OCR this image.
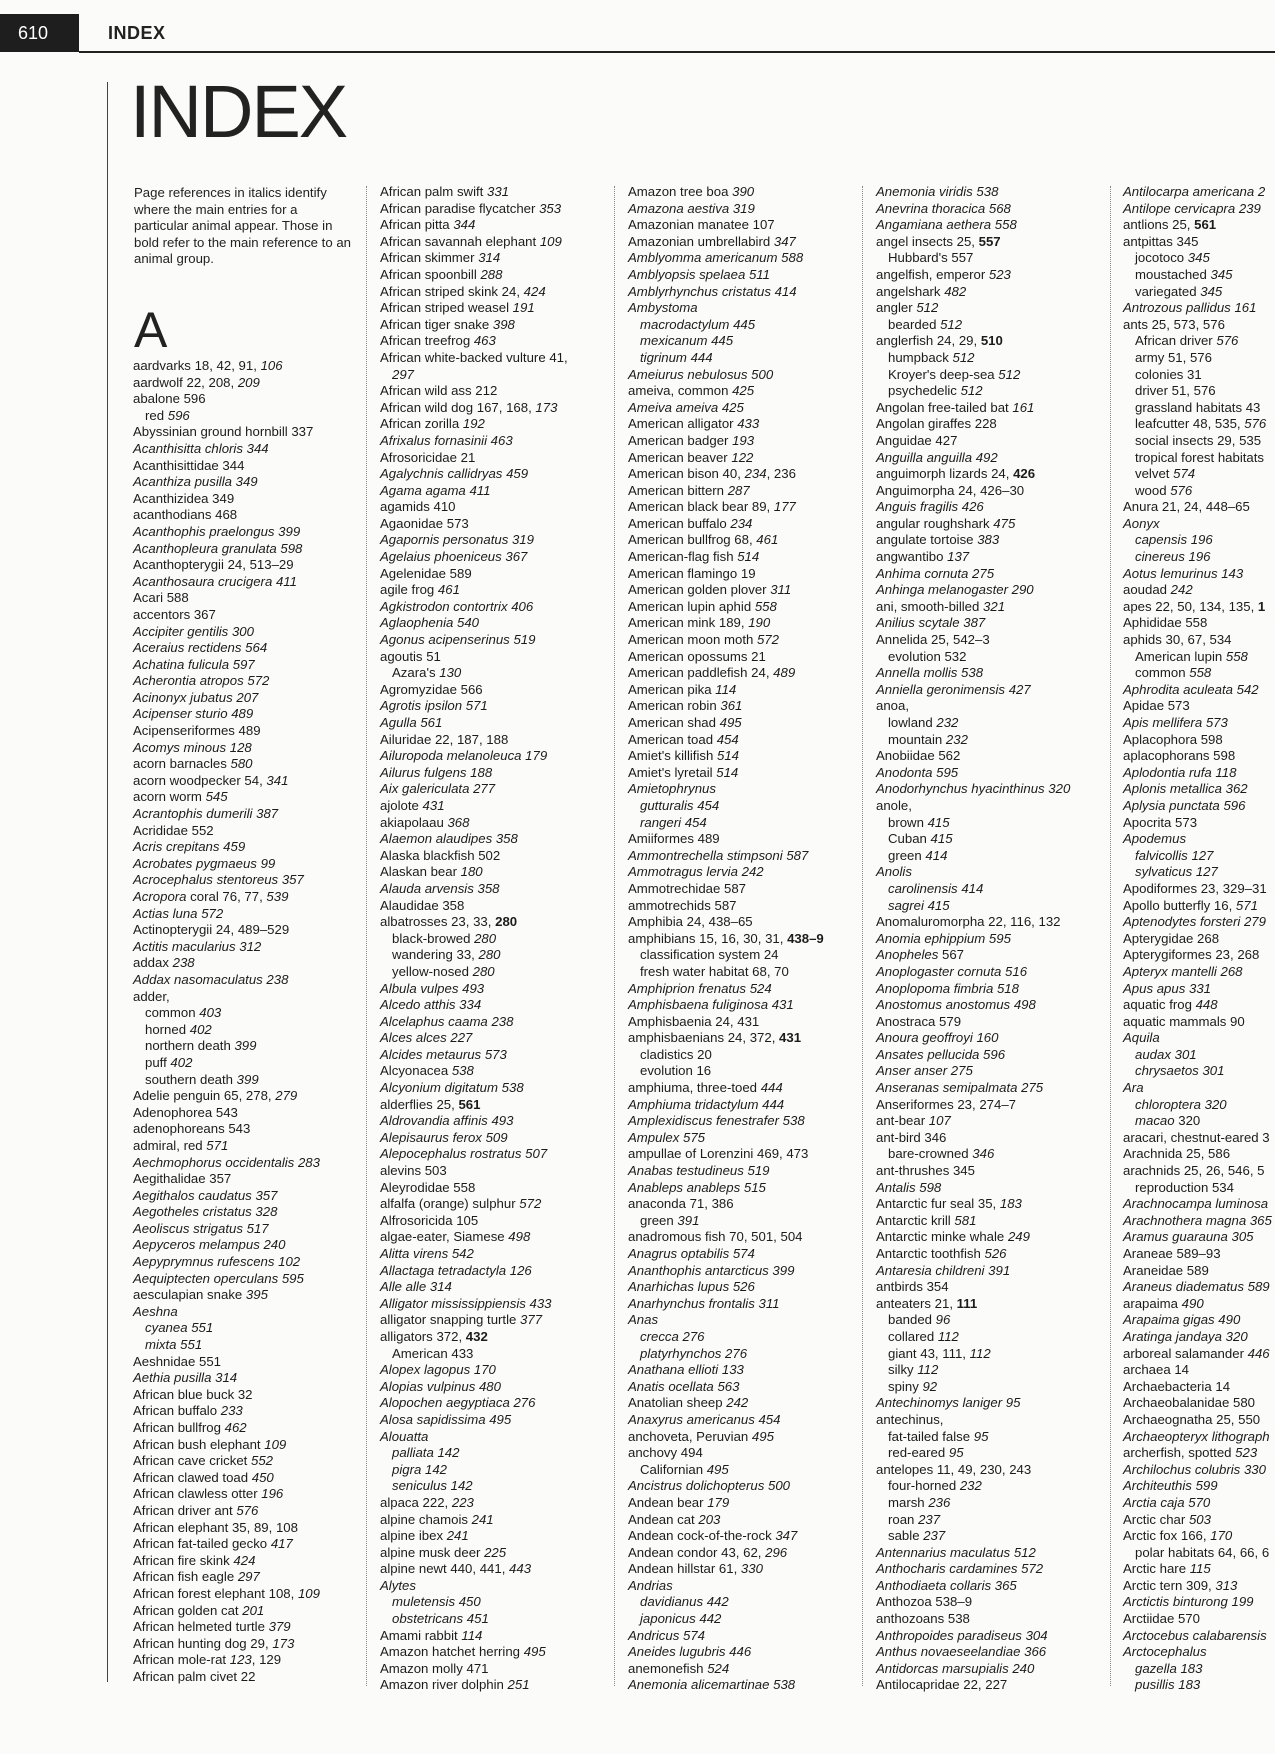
610	INDEX
INDEX
Page references in italics identify where the main entries for a particular animal appear. Those in bold refer to the main reference to an animal group.
A
aardvarks 18, 42, 91, 106
aardwolf 22, 208, 209
abalone 596
red 596
Abyssinian ground hornbill 337
Acanthisitta chloris 344
Acanthisittidae 344
Acanthiza pusilla 349
Acanthizidea 349
acanthodians 468
Acanthophis praelongus 399
Acanthopleura granulata 598
Acanthopterygii 24, 513–29
Acanthosaura crucigera 411
Acari 588
accentors 367
Accipiter gentilis 300
Aceraius rectidens 564
Achatina fulicula 597
Acherontia atropos 572
Acinonyx jubatus 207
Acipenser sturio 489
Acipenseriformes 489
Acomys minous 128
acorn barnacles 580
acorn woodpecker 54, 341
acorn worm 545
Acrantophis dumerili 387
Acrididae 552
Acris crepitans 459
Acrobates pygmaeus 99
Acrocephalus stentoreus 357
Acropora coral 76, 77, 539
Actias luna 572
Actinopterygii 24, 489–529
Actitis macularius 312
addax 238
Addax nasomaculatus 238
adder,
common 403
horned 402
northern death 399
puff 402
southern death 399
Adelie penguin 65, 278, 279
Adenophorea 543
adenophoreans 543
admiral, red 571
Aechmophorus occidentalis 283
Aegithalidae 357
Aegithalos caudatus 357
Aegotheles cristatus 328
Aeoliscus strigatus 517
Aepyceros melampus 240
Aepyprymnus rufescens 102
Aequiptecten operculans 595
aesculapian snake 395
Aeshna
cyanea 551
mixta 551
Aeshnidae 551
Aethia pusilla 314
African blue buck 32
African buffalo 233
African bullfrog 462
African bush elephant 109
African cave cricket 552
African clawed toad 450
African clawless otter 196
African driver ant 576
African elephant 35, 89, 108
African fat-tailed gecko 417
African fire skink 424
African fish eagle 297
African forest elephant 108, 109
African golden cat 201
African helmeted turtle 379
African hunting dog 29, 173
African mole-rat 123, 129
African palm civet 22
African palm swift 331
African paradise flycatcher 353
African pitta 344
African savannah elephant 109
African skimmer 314
African spoonbill 288
African striped skink 24, 424
African striped weasel 191
African tiger snake 398
African treefrog 463
African white-backed vulture 41,
297
African wild ass 212
African wild dog 167, 168, 173
African zorilla 192
Afrixalus fornasinii 463
Afrosoricidae 21
Agalychnis callidryas 459
Agama agama 411
agamids 410
Agaonidae 573
Agapornis personatus 319
Agelaius phoeniceus 367
Agelenidae 589
agile frog 461
Agkistrodon contortrix 406
Aglaophenia 540
Agonus acipenserinus 519
agoutis 51
Azara's 130
Agromyzidae 566
Agrotis ipsilon 571
Agulla 561
Ailuridae 22, 187, 188
Ailuropoda melanoleuca 179
Ailurus fulgens 188
Aix galericulata 277
ajolote 431
akiapolaau 368
Alaemon alaudipes 358
Alaska blackfish 502
Alaskan bear 180
Alauda arvensis 358
Alaudidae 358
albatrosses 23, 33, 280
black-browed 280
wandering 33, 280
yellow-nosed 280
Albula vulpes 493
Alcedo atthis 334
Alcelaphus caama 238
Alces alces 227
Alcides metaurus 573
Alcyonacea 538
Alcyonium digitatum 538
alderflies 25, 561
Aldrovandia affinis 493
Alepisaurus ferox 509
Alepocephalus rostratus 507
alevins 503
Aleyrodidae 558
alfalfa (orange) sulphur 572
Alfrosoricida 105
algae-eater, Siamese 498
Alitta virens 542
Allactaga tetradactyla 126
Alle alle 314
Alligator mississippiensis 433
alligator snapping turtle 377
alligators 372, 432
American 433
Alopex lagopus 170
Alopias vulpinus 480
Alopochen aegyptiaca 276
Alosa sapidissima 495
Alouatta
palliata 142
pigra 142
seniculus 142
alpaca 222, 223
alpine chamois 241
alpine ibex 241
alpine musk deer 225
alpine newt 440, 441, 443
Alytes
muletensis 450
obstetricans 451
Amami rabbit 114
Amazon hatchet herring 495
Amazon molly 471
Amazon river dolphin 251
Amazon tree boa 390
Amazona aestiva 319
Amazonian manatee 107
Amazonian umbrellabird 347
Amblyomma americanum 588
Amblyopsis spelaea 511
Amblyrhynchus cristatus 414
Ambystoma
macrodactylum 445
mexicanum 445
tigrinum 444
Ameiurus nebulosus 500
ameiva, common 425
Ameiva ameiva 425
American alligator 433
American badger 193
American beaver 122
American bison 40, 234, 236
American bittern 287
American black bear 89, 177
American buffalo 234
American bullfrog 68, 461
American-flag fish 514
American flamingo 19
American golden plover 311
American lupin aphid 558
American mink 189, 190
American moon moth 572
American opossums 21
American paddlefish 24, 489
American pika 114
American robin 361
American shad 495
American toad 454
Amiet's killifish 514
Amiet's lyretail 514
Amietophrynus
gutturalis 454
rangeri 454
Amiiformes 489
Ammontrechella stimpsoni 587
Ammotragus lervia 242
Ammotrechidae 587
ammotrechids 587
Amphibia 24, 438–65
amphibians 15, 16, 30, 31, 438–9
classification system 24
fresh water habitat 68, 70
Amphiprion frenatus 524
Amphisbaena fuliginosa 431
Amphisbaenia 24, 431
amphisbaenians 24, 372, 431
cladistics 20
evolution 16
amphiuma, three-toed 444
Amphiuma tridactylum 444
Amplexidiscus fenestrafer 538
Ampulex 575
ampullae of Lorenzini 469, 473
Anabas testudineus 519
Anableps anableps 515
anaconda 71, 386
green 391
anadromous fish 70, 501, 504
Anagrus optabilis 574
Ananthophis antarcticus 399
Anarhichas lupus 526
Anarhynchus frontalis 311
Anas
crecca 276
platyrhynchos 276
Anathana ellioti 133
Anatis ocellata 563
Anatolian sheep 242
Anaxyrus americanus 454
anchoveta, Peruvian 495
anchovy 494
Californian 495
Ancistrus dolichopterus 500
Andean bear 179
Andean cat 203
Andean cock-of-the-rock 347
Andean condor 43, 62, 296
Andean hillstar 61, 330
Andrias
davidianus 442
japonicus 442
Andricus 574
Aneides lugubris 446
anemonefish 524
Anemonia alicemartinae 538
Anemonia viridis 538
Anevrina thoracica 568
Angamiana aethera 558
angel insects 25, 557
Hubbard's 557
angelfish, emperor 523
angelshark 482
angler 512
bearded 512
anglerfish 24, 29, 510
humpback 512
Kroyer's deep-sea 512
psychedelic 512
Angolan free-tailed bat 161
Angolan giraffes 228
Anguidae 427
Anguilla anguilla 492
anguimorph lizards 24, 426
Anguimorpha 24, 426–30
Anguis fragilis 426
angular roughshark 475
angulate tortoise 383
angwantibo 137
Anhima cornuta 275
Anhinga melanogaster 290
ani, smooth-billed 321
Anilius scytale 387
Annelida 25, 542–3
evolution 532
Annella mollis 538
Anniella geronimensis 427
anoa,
lowland 232
mountain 232
Anobiidae 562
Anodonta 595
Anodorhynchus hyacinthinus 320
anole,
brown 415
Cuban 415
green 414
Anolis
carolinensis 414
sagrei 415
Anomaluromorpha 22, 116, 132
Anomia ephippium 595
Anopheles 567
Anoplogaster cornuta 516
Anoplopoma fimbria 518
Anostomus anostomus 498
Anostraca 579
Anoura geoffroyi 160
Ansates pellucida 596
Anser anser 275
Anseranas semipalmata 275
Anseriformes 23, 274–7
ant-bear 107
ant-bird 346
bare-crowned 346
ant-thrushes 345
Antalis 598
Antarctic fur seal 35, 183
Antarctic krill 581
Antarctic minke whale 249
Antarctic toothfish 526
Antaresia childreni 391
antbirds 354
anteaters 21, 111
banded 96
collared 112
giant 43, 111, 112
silky 112
spiny 92
Antechinomys laniger 95
antechinus,
fat-tailed false 95
red-eared 95
antelopes 11, 49, 230, 243
four-horned 232
marsh 236
roan 237
sable 237
Antennarius maculatus 512
Anthocharis cardamines 572
Anthodiaeta collaris 365
Anthozoa 538–9
anthozoans 538
Anthropoides paradiseus 304
Anthus novaeseelandiae 366
Antidorcas marsupialis 240
Antilocapridae 22, 227
Antilocarpa americana 2
Antilope cervicapra 239
antlions 25, 561
antpittas 345
jocotoco 345
moustached 345
variegated 345
Antrozous pallidus 161
ants 25, 573, 576
African driver 576
army 51, 576
colonies 31
driver 51, 576
grassland habitats 43
leafcutter 48, 535, 576
social insects 29, 535
tropical forest habitats
velvet 574
wood 576
Anura 21, 24, 448–65
Aonyx
capensis 196
cinereus 196
Aotus lemurinus 143
aoudad 242
apes 22, 50, 134, 135, 1
Aphididae 558
aphids 30, 67, 534
American lupin 558
common 558
Aphrodita aculeata 542
Apidae 573
Apis mellifera 573
Aplacophora 598
aplacophorans 598
Aplodontia rufa 118
Aplonis metallica 362
Aplysia punctata 596
Apocrita 573
Apodemus
falvicollis 127
sylvaticus 127
Apodiformes 23, 329–31
Apollo butterfly 16, 571
Aptenodytes forsteri 279
Apterygidae 268
Apterygiformes 23, 268
Apteryx mantelli 268
Apus apus 331
aquatic frog 448
aquatic mammals 90
Aquila
audax 301
chrysaetos 301
Ara
chloroptera 320
macao 320
aracari, chestnut-eared 3
Arachnida 25, 586
arachnids 25, 26, 546, 5
reproduction 534
Arachnocampa luminosa
Arachnothera magna 365
Aramus guarauna 305
Araneae 589–93
Araneidae 589
Araneus diadematus 589
arapaima 490
Arapaima gigas 490
Aratinga jandaya 320
arboreal salamander 446
archaea 14
Archaebacteria 14
Archaeobalanidae 580
Archaeognatha 25, 550
Archaeopteryx lithograph
archerfish, spotted 523
Archilochus colubris 330
Architeuthis 599
Arctia caja 570
Arctic char 503
Arctic fox 166, 170
polar habitats 64, 66, 6
Arctic hare 115
Arctic tern 309, 313
Arctictis binturong 199
Arctiidae 570
Arctocebus calabarensis
Arctocephalus
gazella 183
pusillis 183
